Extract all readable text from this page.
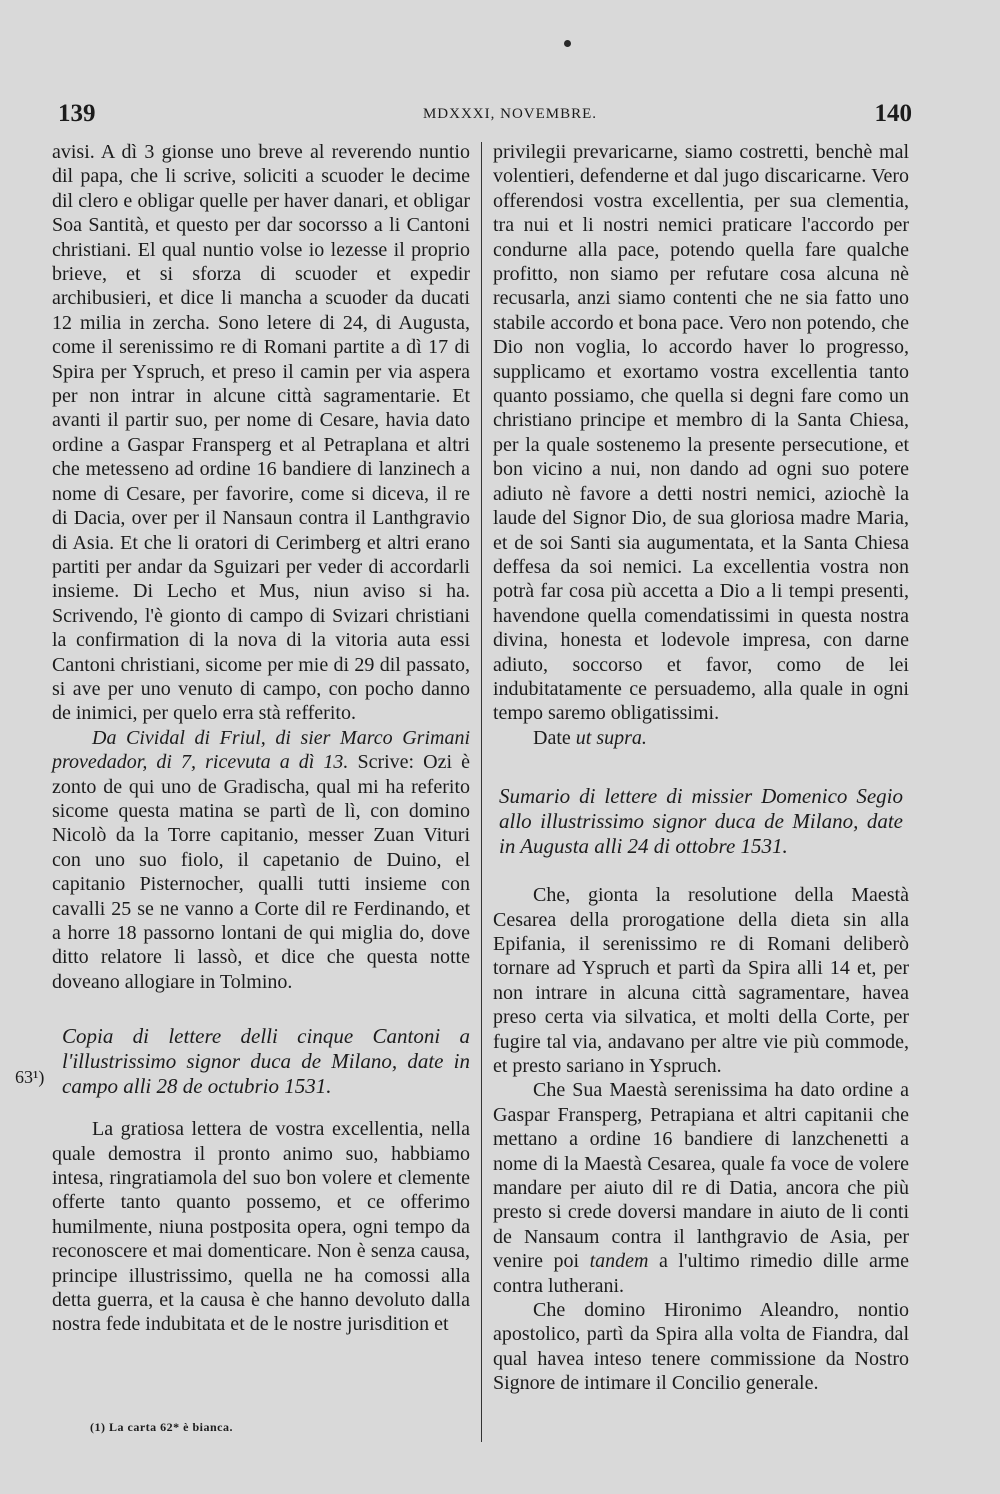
139	MDXXXI, NOVEMBRE.	140

avisi. A dì 3 gionse uno breve al reverendo nuntio dil papa, che li scrive, soliciti a scuoder le decime dil clero e obligar quelle per haver danari, et obligar Soa Santità, et questo per dar socorsso a li Cantoni christiani. El qual nuntio volse io lezesse il proprio brieve, et si sforza di scuoder et expedir archibusieri, et dice li mancha a scuoder da ducati 12 milia in zercha. Sono letere di 24, di Augusta, come il serenissimo re di Romani partite a dì 17 di Spira per Yspruch, et preso il camin per via aspera per non intrar in alcune città sagramentarie. Et avanti il partir suo, per nome di Cesare, havia dato ordine a Gaspar Fransperg et al Petraplana et altri che metesseno ad ordine 16 bandiere di lanzinech a nome di Cesare, per favorire, come si diceva, il re di Dacia, over per il Nansaun contra il Lanthgravio di Asia. Et che li oratori di Cerimberg et altri erano partiti per andar da Sguizari per veder di accordarli insieme. Di Lecho et Mus, niun aviso si ha. Scrivendo, l'è gionto di campo di Svizari christiani la confirmation di la nova di la vitoria auta essi Cantoni christiani, sicome per mie di 29 dil passato, si ave per uno venuto di campo, con pocho danno de inimici, per quelo erra stà refferito.

Da Cividal di Friul, di sier Marco Grimani provedador, di 7, ricevuta a dì 13. Scrive: Ozi è zonto de qui uno de Gradischa, qual mi ha referito sicome questa matina se partì de lì, con domino Nicolò da la Torre capitanio, messer Zuan Vituri con uno suo fiolo, il capetanio de Duino, el capitanio Pisternocher, qualli tutti insieme con cavalli 25 se ne vanno a Corte dil re Ferdinando, et a horre 18 passorno lontani de qui miglia do, dove ditto relatore li lassò, et dice che questa notte doveano allogiare in Tolmino.

Copia di lettere delli cinque Cantoni a l'illustrissimo signor duca de Milano, date in campo alli 28 de octubrio 1531.

La gratiosa lettera de vostra excellentia, nella quale demostra il pronto animo suo, habbiamo intesa, ringratiamola del suo bon volere et clemente offerte tanto quanto possemo, et ce offerimo humilmente, niuna postposita opera, ogni tempo da reconoscere et mai domenticare. Non è senza causa, principe illustrissimo, quella ne ha comossi alla detta guerra, et la causa è che hanno devoluto dalla nostra fede indubitata et de le nostre jurisdition et

63¹)

privilegii prevaricarne, siamo costretti, benchè mal volentieri, defenderne et dal jugo discaricarne. Vero offerendosi vostra excellentia, per sua clementia, tra nui et li nostri nemici praticare l'accordo per condurne alla pace, potendo quella fare qualche profitto, non siamo per refutare cosa alcuna nè recusarla, anzi siamo contenti che ne sia fatto uno stabile accordo et bona pace. Vero non potendo, che Dio non voglia, lo accordo haver lo progresso, supplicamo et exortamo vostra excellentia tanto quanto possiamo, che quella si degni fare como un christiano principe et membro di la Santa Chiesa, per la quale sostenemo la presente persecutione, et bon vicino a nui, non dando ad ogni suo potere adiuto nè favore a detti nostri nemici, aziochè la laude del Signor Dio, de sua gloriosa madre Maria, et de soi Santi sia augumentata, et la Santa Chiesa deffesa da soi nemici. La excellentia vostra non potrà far cosa più accetta a Dio a li tempi presenti, havendone quella comendatissimi in questa nostra divina, honesta et lodevole impresa, con darne adiuto, soccorso et favor, como de lei indubitatamente ce persuademo, alla quale in ogni tempo saremo obligatissimi.

Date ut supra.

Sumario di lettere di missier Domenico Segio allo illustrissimo signor duca de Milano, date in Augusta alli 24 di ottobre 1531.

Che, gionta la resolutione della Maestà Cesarea della prorogatione della dieta sin alla Epifania, il serenissimo re di Romani deliberò tornare ad Yspruch et partì da Spira alli 14 et, per non intrare in alcuna città sagramentare, havea preso certa via silvatica, et molti della Corte, per fugire tal via, andavano per altre vie più commode, et presto sariano in Yspruch.

Che Sua Maestà serenissima ha dato ordine a Gaspar Fransperg, Petrapiana et altri capitanii che mettano a ordine 16 bandiere di lanzchenetti a nome di la Maestà Cesarea, quale fa voce de volere mandare per aiuto dil re di Datia, ancora che più presto si crede doversi mandare in aiuto de li conti de Nansaum contra il lanthgravio de Asia, per venire poi tandem a l'ultimo rimedio dille arme contra lutherani.

Che domino Hironimo Aleandro, nontio apostolico, partì da Spira alla volta de Fiandra, dal qual havea inteso tenere commissione da Nostro Signore de intimare il Concilio generale.

(1) La carta 62* è bianca.
